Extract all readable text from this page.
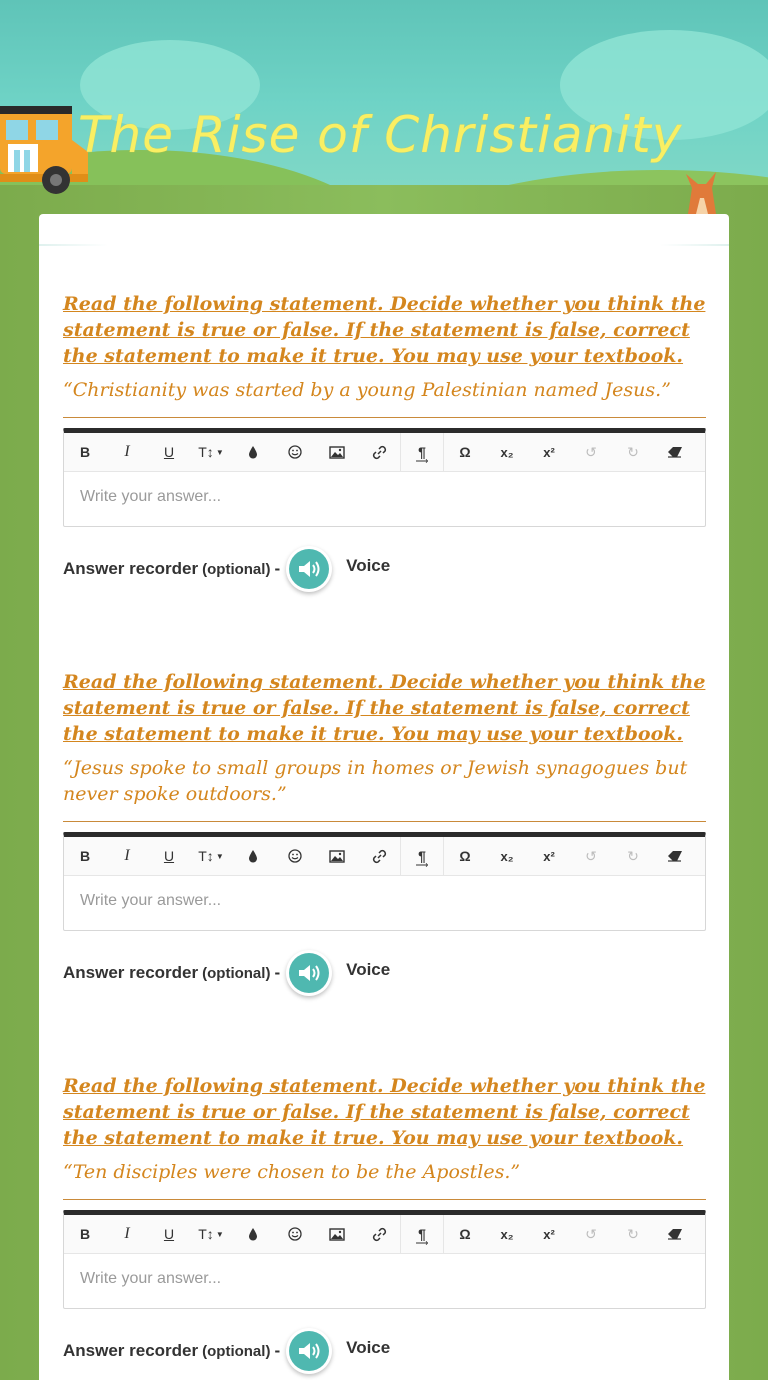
The Rise of Christianity
Read the following statement. Decide whether you think the statement is true or false. If the statement is false, correct the statement to make it true. You may use your textbook.
“Christianity was started by a young Palestinian named Jesus.”
B	I	U	T↕ ▼	¶
⟶
Ω	x₂	x²	↺	↻
Write your answer...
Answer recorder (optional) -	Voice
Read the following statement. Decide whether you think the statement is true or false. If the statement is false, correct the statement to make it true. You may use your textbook.
“Jesus spoke to small groups in homes or Jewish synagogues but never spoke outdoors.”
B	I	U	T↕ ▼	¶
⟶
Ω	x₂	x²	↺	↻
Write your answer...
Answer recorder (optional) -	Voice
Read the following statement. Decide whether you think the statement is true or false. If the statement is false, correct the statement to make it true. You may use your textbook.
“Ten disciples were chosen to be the Apostles.”
B	I	U	T↕ ▼	¶
⟶
Ω	x₂	x²	↺	↻
Write your answer...
Answer recorder (optional) -	Voice
